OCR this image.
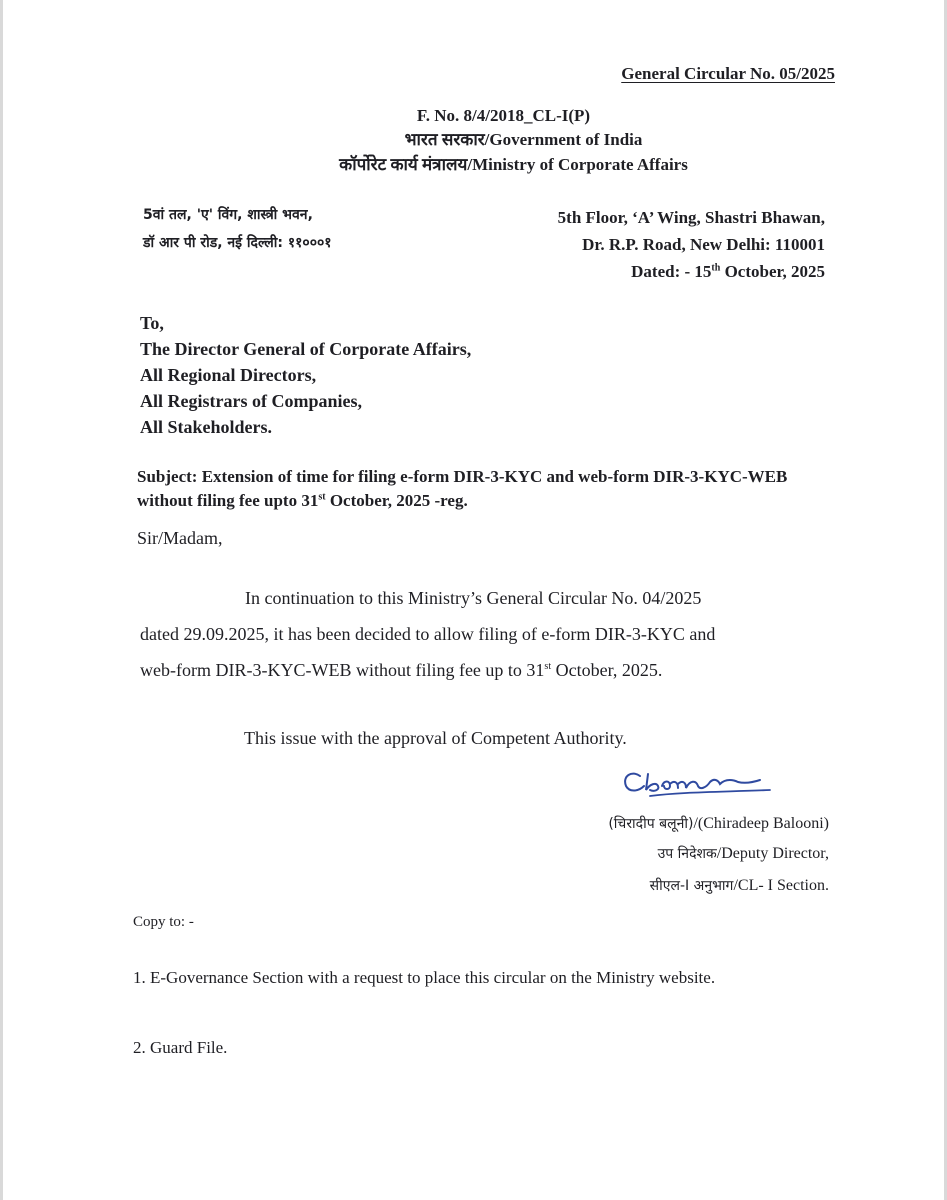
General Circular No. 05/2025
F. No. 8/4/2018_CL-I(P)
भारत सरकार/Government of India
कॉर्पोरेट कार्य मंत्रालय/Ministry of Corporate Affairs
5वां तल, 'ए' विंग, शास्त्री भवन,
डॉ आर पी रोड, नई दिल्ली: ११०००१
5th Floor, ‘A’ Wing, Shastri Bhawan,
Dr. R.P. Road, New Delhi: 110001
Dated: - 15th October, 2025
To,
The Director General of Corporate Affairs,
All Regional Directors,
All Registrars of Companies,
All Stakeholders.
Subject: Extension of time for filing e-form DIR-3-KYC and web-form DIR-3-KYC-WEB without filing fee upto 31st October, 2025 -reg.
Sir/Madam,
In continuation to this Ministry’s General Circular No. 04/2025
dated 29.09.2025, it has been decided to allow filing of e-form DIR-3-KYC and
web-form DIR-3-KYC-WEB without filing fee up to 31st October, 2025.
This issue with the approval of Competent Authority.
(चिरादीप बलूनी)/(Chiradeep Balooni)
उप निदेशक/Deputy Director,
सीएल-I अनुभाग/CL- I Section.
Copy to: -
1. E-Governance Section with a request to place this circular on the Ministry website.
2. Guard File.
